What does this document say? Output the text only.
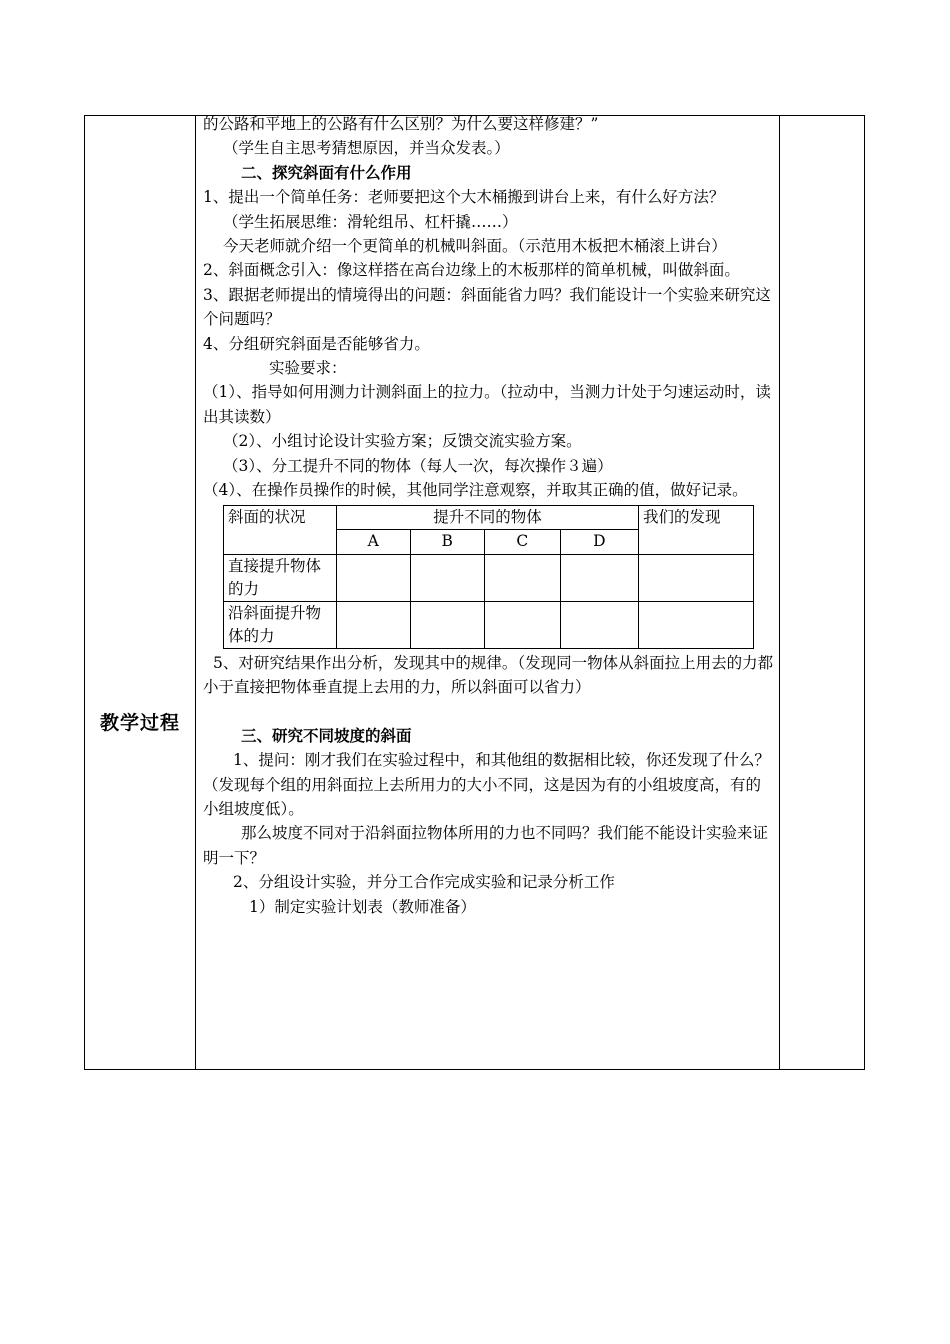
教学过程

的公路和平地上的公路有什么区别？为什么要这样修建？”

（学生自主思考猜想原因，并当众发表。）

二、探究斜面有什么作用

1、提出一个简单任务：老师要把这个大木桶搬到讲台上来，有什么好方法？

（学生拓展思维：滑轮组吊、杠杆撬……）

今天老师就介绍一个更简单的机械叫斜面。（示范用木板把木桶滚上讲台）

2、斜面概念引入：像这样搭在高台边缘上的木板那样的简单机械，叫做斜面。

3、跟据老师提出的情境得出的问题：斜面能省力吗？我们能设计一个实验来研究这个问题吗？

4、分组研究斜面是否能够省力。

实验要求：

（1）、指导如何用测力计测斜面上的拉力。（拉动中，当测力计处于匀速运动时，读出其读数）

（2）、小组讨论设计实验方案；反馈交流实验方案。

（3）、分工提升不同的物体（每人一次，每次操作３遍）

（4）、在操作员操作的时候，其他同学注意观察，并取其正确的值，做好记录。

斜面的状况	提升不同的物体				我们的发现
	A	B	C	D	
直接提升物体的力					
沿斜面提升物体的力					

5、对研究结果作出分析，发现其中的规律。（发现同一物体从斜面拉上用去的力都小于直接把物体垂直提上去用的力，所以斜面可以省力）

三、研究不同坡度的斜面

1、提问：刚才我们在实验过程中，和其他组的数据相比较，你还发现了什么？（发现每个组的用斜面拉上去所用力的大小不同，这是因为有的小组坡度高，有的小组坡度低）。

那么坡度不同对于沿斜面拉物体所用的力也不同吗？我们能不能设计实验来证明一下？

2、分组设计实验，并分工合作完成实验和记录分析工作

1）制定实验计划表（教师准备）
